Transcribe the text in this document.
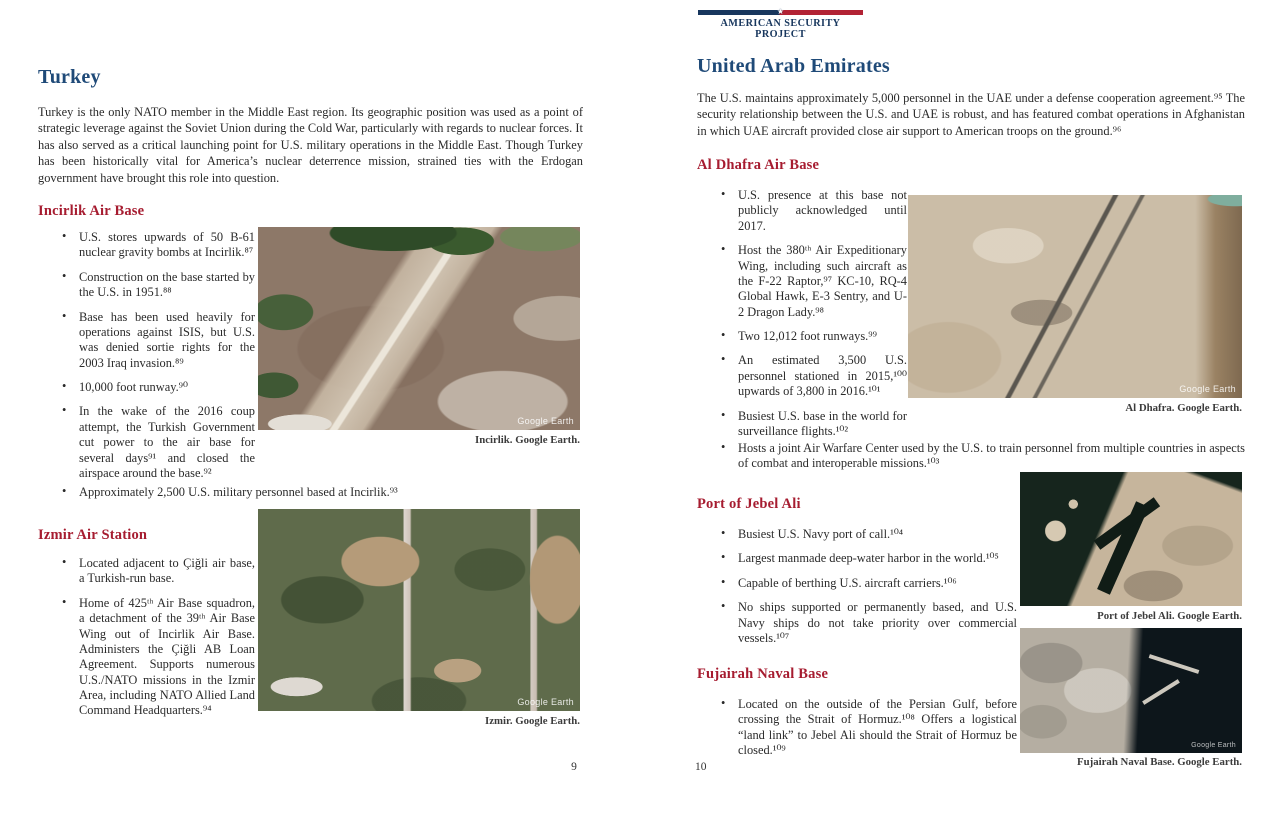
Turkey

Turkey is the only NATO member in the Middle East region. Its geographic position was used as a point of strategic leverage against the Soviet Union during the Cold War, particularly with regards to nuclear forces. It has also served as a critical launching point for U.S. military operations in the Middle East. Though Turkey has been historically vital for America’s nuclear deterrence mission, strained ties with the Erdogan government have brought this role into question.

Incirlik Air Base
• U.S. stores upwards of 50 B-61 nuclear gravity bombs at Incirlik.⁸⁷
• Construction on the base started by the U.S. in 1951.⁸⁸
• Base has been used heavily for operations against ISIS, but U.S. was denied sortie rights for the 2003 Iraq invasion.⁸⁹
• 10,000 foot runway.⁹⁰
• In the wake of the 2016 coup attempt, the Turkish Government cut power to the air base for several days⁹¹ and closed the airspace around the base.⁹²
Google Earth
Incirlik. Google Earth.
• Approximately 2,500 U.S. military personnel based at Incirlik.⁹³
Izmir Air Station
• Located adjacent to Çiğli air base, a Turkish-run base.
• Home of 425ᵗʰ Air Base squadron, a detachment of the 39ᵗʰ Air Base Wing out of Incirlik Air Base. Administers the Çiğli AB Loan Agreement. Supports numerous U.S./NATO missions in the Izmir Area, including NATO Allied Land Command Headquarters.⁹⁴
Google Earth
Izmir. Google Earth.
9
★
AMERICAN SECURITY PROJECT
United Arab Emirates

The U.S. maintains approximately 5,000 personnel in the UAE under a defense cooperation agreement.⁹⁵ The security relationship between the U.S. and UAE is robust, and has featured combat operations in Afghanistan in which UAE aircraft provided close air support to American troops on the ground.⁹⁶

Al Dhafra Air Base
• U.S. presence at this base not publicly acknowledged until 2017.
• Host the 380ᵗʰ Air Expeditionary Wing, including such aircraft as the F-22 Raptor,⁹⁷ KC-10, RQ-4 Global Hawk, E-3 Sentry, and U-2 Dragon Lady.⁹⁸
• Two 12,012 foot runways.⁹⁹
• An estimated 3,500 U.S. personnel stationed in 2015,¹⁰⁰ upwards of 3,800 in 2016.¹⁰¹
• Busiest U.S. base in the world for surveillance flights.¹⁰²
Google Earth
Al Dhafra. Google Earth.
• Hosts a joint Air Warfare Center used by the U.S. to train personnel from multiple countries in aspects of combat and interoperable missions.¹⁰³
Port of Jebel Ali
• Busiest U.S. Navy port of call.¹⁰⁴
• Largest manmade deep-water harbor in the world.¹⁰⁵
• Capable of berthing U.S. aircraft carriers.¹⁰⁶
• No ships supported or permanently based, and U.S. Navy ships do not take priority over commercial vessels.¹⁰⁷
Port of Jebel Ali. Google Earth.
Fujairah Naval Base
• Located on the outside of the Persian Gulf, before crossing the Strait of Hormuz.¹⁰⁸ Offers a logistical “land link” to Jebel Ali should the Strait of Hormuz be closed.¹⁰⁹	Google Earth
Fujairah Naval Base. Google Earth.
10
